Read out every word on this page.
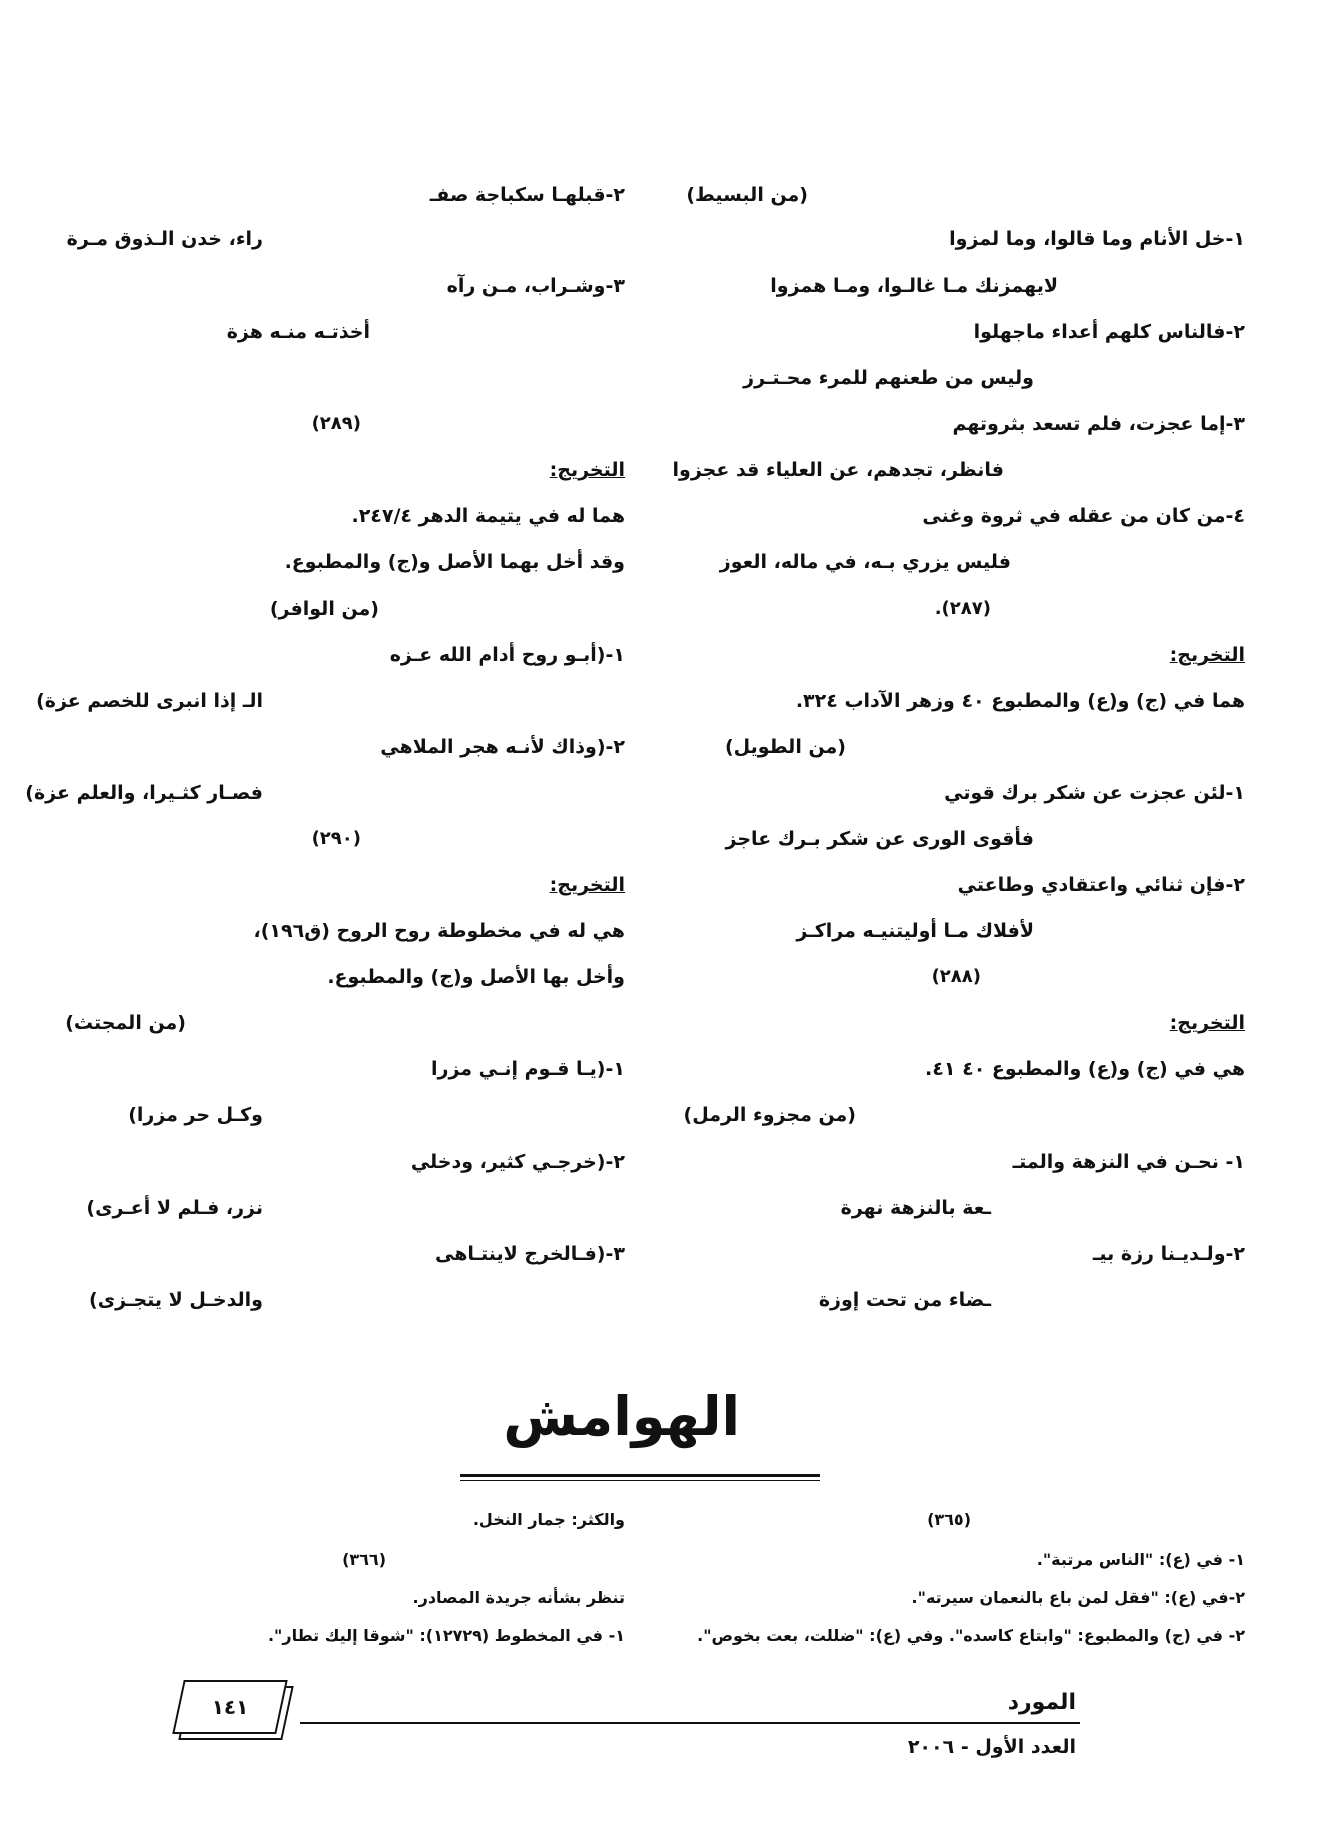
(من البسيط)
١-خل الأنام وما قالوا، وما لمزوا
لايهمزنك مـا غالـوا، ومـا همزوا
٢-فالناس كلهم أعداء ماجهلوا
وليس من طعنهم للمرء محـتـرز
٣-إما عجزت، فلم تسعد بثروتهم
فانظر، تجدهم، عن العلياء قد عجزوا
٤-من كان من عقله في ثروة وغنى
فليس يزري بـه، في ماله، العوز
(٢٨٧).
التخريج:
هما في (ج) و(ع) والمطبوع ٤٠ وزهر الآداب ٣٢٤.
(من الطويل)
١-لئن عجزت عن شكر برك قوتي
فأقوى الورى عن شكر بـرك عاجز
٢-فإن ثنائي واعتقادي وطاعتي
لأفلاك مـا أوليتنيـه مراكـز
(٢٨٨)
التخريج:
هي في (ج) و(ع) والمطبوع ٤٠ ٤١.
(من مجزوء الرمل)
١- نحـن في النزهة والمتـ
ـعة بالنزهة نهرة
٢-ولـديـنا رزة بيـ
ـضاء من تحت إوزة
٢-قبلهـا سكباجة صفـ
راء، خدن الـذوق مـرة
٣-وشـراب، مـن رآه
أخذتـه منـه هزة
(٢٨٩)
التخريج:
هما له في يتيمة الدهر ٢٤٧/٤.
وقد أخل بهما الأصل و(ج) والمطبوع.
(من الوافر)
١-(أبـو روح أدام الله عـزه
الـ إذا انبرى للخصم عزة)
٢-(وذاك لأنـه هجر الملاهي
فصـار كثـيرا، والعلم عزة)
(٢٩٠)
التخريج:
هي له في مخطوطة روح الروح (ق١٩٦)،
وأخل بها الأصل و(ج) والمطبوع.
(من المجتث)
١-(يـا قـوم إنـي مزرا
وكـل حر مزرا)
٢-(خرجـي كثير، ودخلي
نزر، فـلم لا أعـرى)
٣-(فـالخرج لاينتـاهى
والدخـل لا يتجـزى)
الهوامش
(٣٦٥)
١- في (ع): "الناس مرتبة".
٢-في (ع): "فقل لمن باع بالنعمان سيرته".
٢- في (ج) والمطبوع: "وابتاع كاسده". وفي (ع): "ضللت، بعت بخوص".
والكثر: جمار النخل.
(٣٦٦)
تنظر بشأنه جريدة المصادر.
١- في المخطوط (١٢٧٢٩): "شوقا إليك تطار".
١٤١	المورد
العدد الأول - ٢٠٠٦
